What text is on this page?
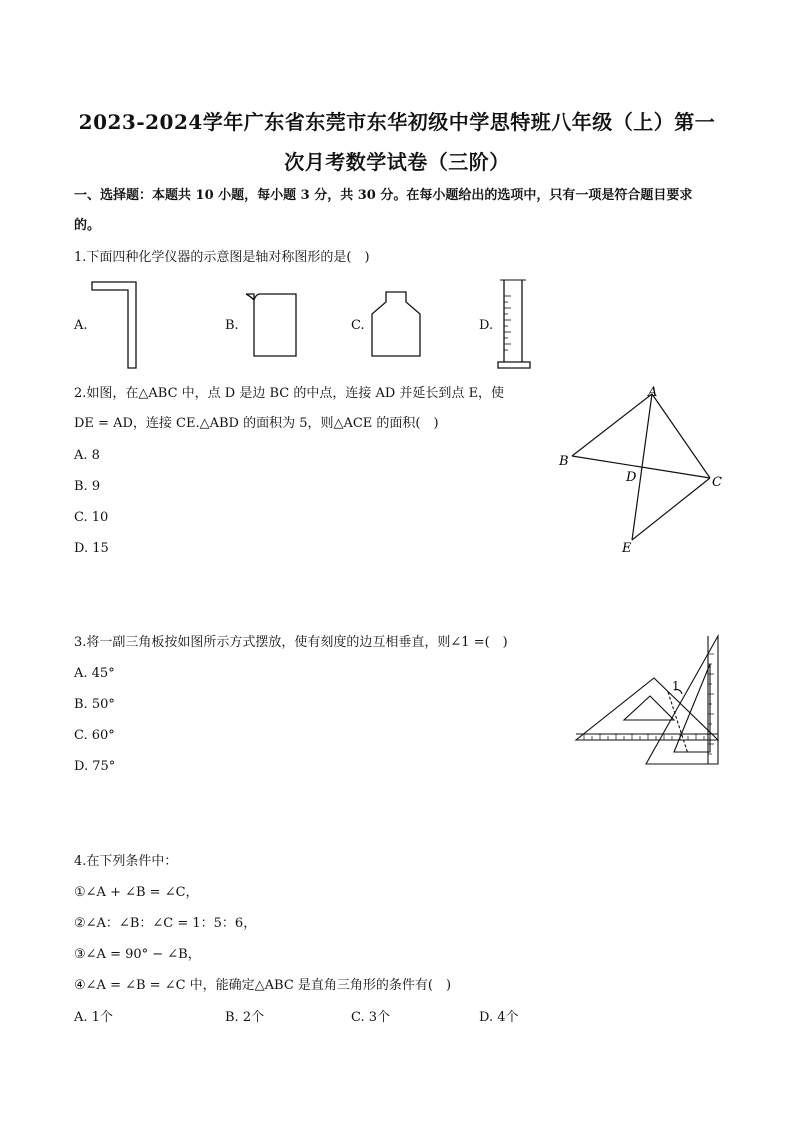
2023-2024学年广东省东莞市东华初级中学思特班八年级（上）第一
次月考数学试卷（三阶）
一、选择题：本题共 10 小题，每小题 3 分，共 30 分。在每小题给出的选项中，只有一项是符合题目要求
的。
1.下面四种化学仪器的示意图是轴对称图形的是(　)
A.	B.	C.	D.
2.如图，在△ABC 中，点 D 是边 BC 的中点，连接 AD 并延长到点 E，使
DE = AD，连接 CE.△ABD 的面积为 5，则△ACE 的面积(　)
A. 8
B. 9
C. 10
D. 15
A
B
C
D
E
3.将一副三角板按如图所示方式摆放，使有刻度的边互相垂直，则∠1 =(　)
A. 45°
B. 50°
C. 60°
D. 75°
1
4.在下列条件中：
①∠A + ∠B = ∠C，
②∠A：∠B：∠C = 1：5：6，
③∠A = 90° − ∠B，
④∠A = ∠B = ∠C 中，能确定△ABC 是直角三角形的条件有(　)
A. 1个	B. 2个	C. 3个	D. 4个
